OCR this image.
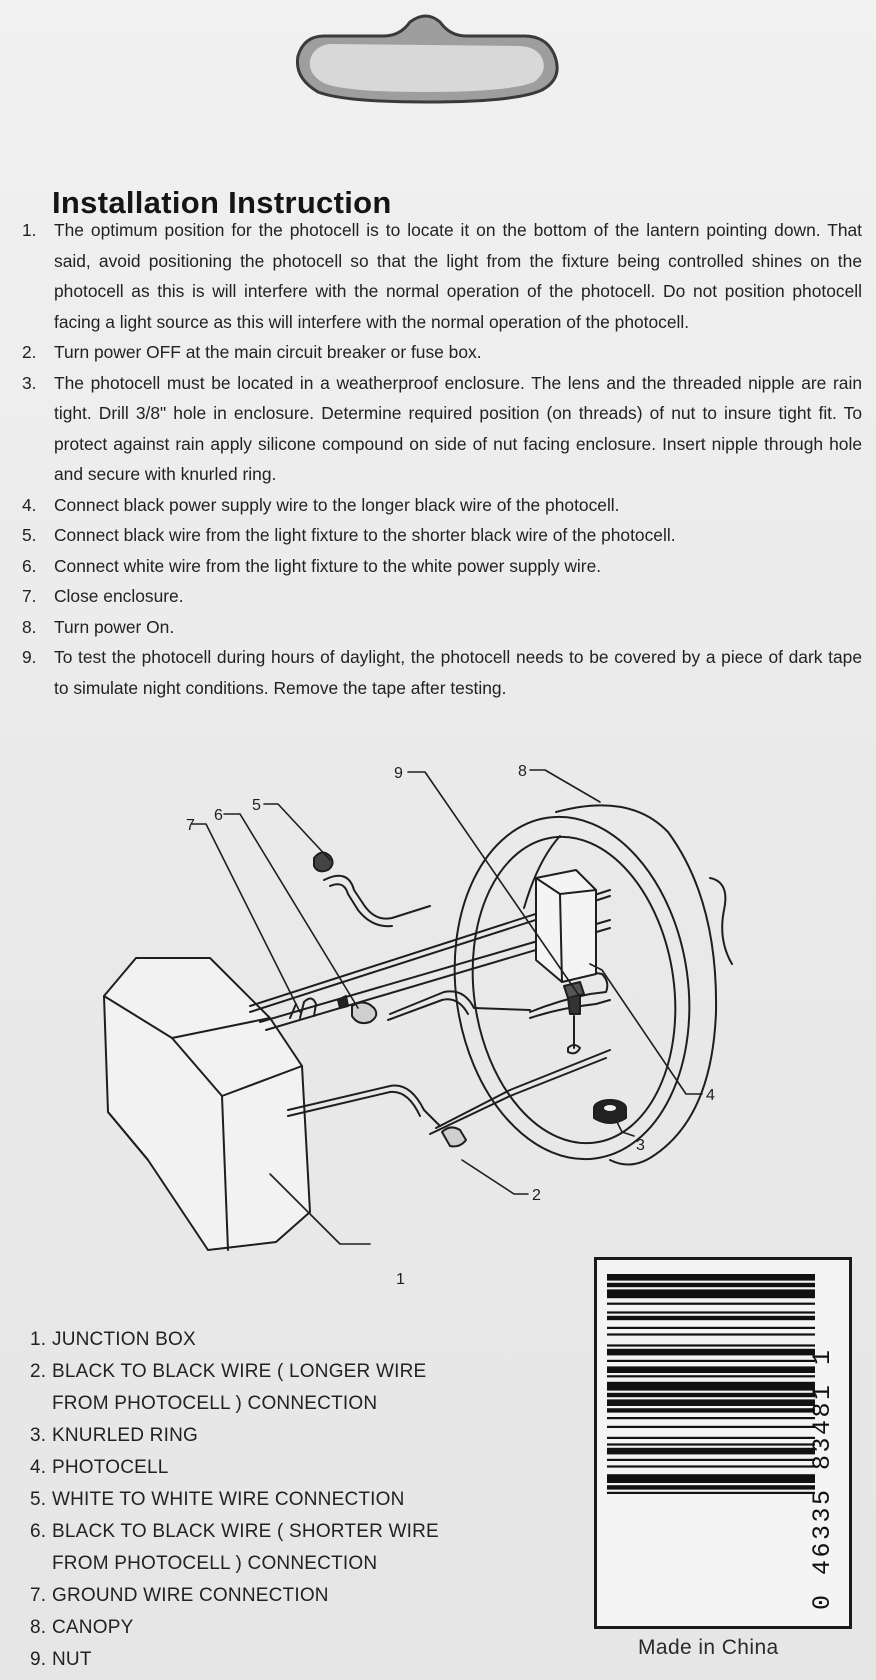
Installation Instruction
1.	The optimum position for the photocell is to locate it on the bottom of the lantern pointing down. That said, avoid positioning the photocell so that the light from the fixture being controlled shines on the photocell as this is will interfere with the normal operation of the photocell. Do not position photocell facing a light source as this will interfere with the normal operation of the photocell.
2.	Turn power OFF at the main circuit breaker or fuse box.
3.	The photocell must be located in a weatherproof enclosure. The lens and the threaded nipple are rain tight. Drill 3/8" hole in enclosure. Determine required position (on threads) of nut to insure tight fit. To protect against rain apply silicone compound on side of nut facing enclosure. Insert nipple through hole and secure with knurled ring.
4.	Connect black power supply wire to the longer black wire of the photocell.
5.	Connect black wire from the light fixture to the shorter black wire of the photocell.
6.	Connect white wire from the light fixture to the white power supply wire.
7.	Close enclosure.
8.	Turn power On.
9.	To test the photocell during hours of daylight, the photocell needs to be covered by a piece of dark tape to simulate night conditions. Remove the tape after testing.
8
9
5
6
7
4
3
2
1
1. JUNCTION BOX
2. BLACK TO BLACK WIRE ( LONGER WIRE FROM PHOTOCELL ) CONNECTION
3. KNURLED RING
4. PHOTOCELL
5. WHITE TO WHITE WIRE CONNECTION
6. BLACK TO BLACK WIRE ( SHORTER WIRE FROM PHOTOCELL ) CONNECTION
7. GROUND WIRE CONNECTION
8. CANOPY
9. NUT
0 46335 83481 1
Made in China
